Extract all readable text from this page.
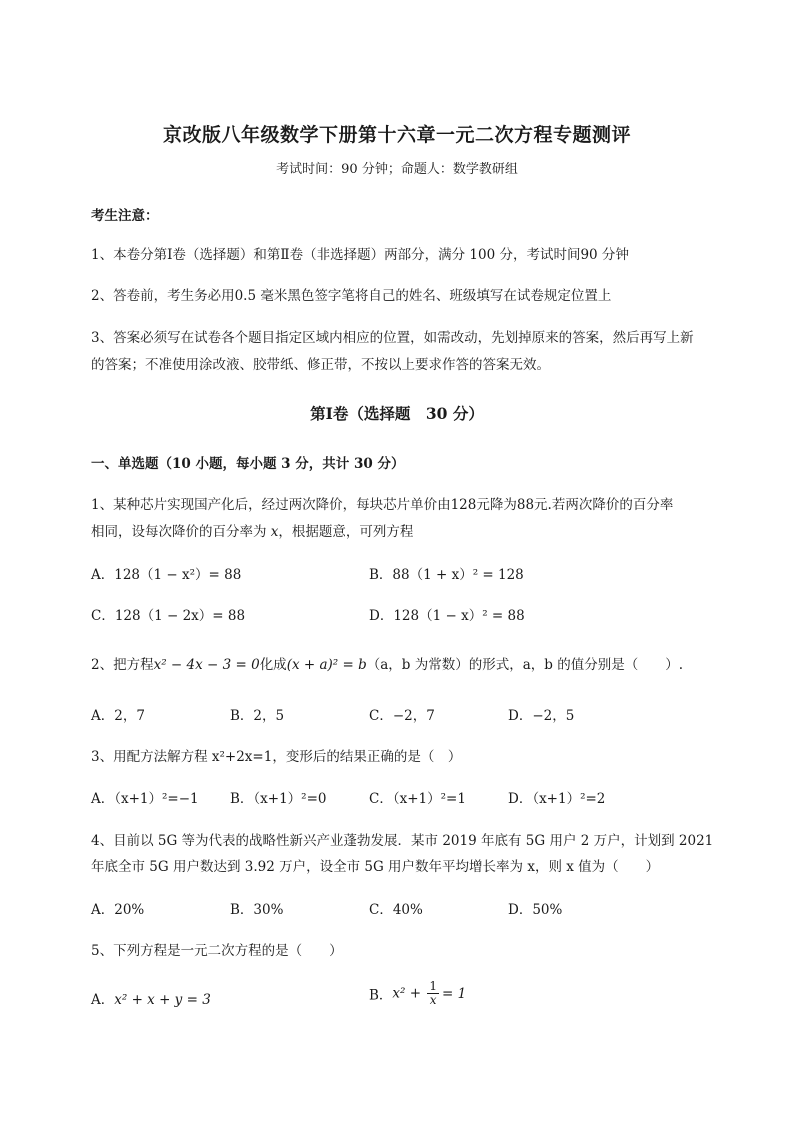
京改版八年级数学下册第十六章一元二次方程专题测评
考试时间：90 分钟；命题人：数学教研组
考生注意：
1、本卷分第Ⅰ卷（选择题）和第Ⅱ卷（非选择题）两部分，满分 100 分，考试时间90 分钟
2、答卷前，考生务必用0.5 毫米黑色签字笔将自己的姓名、班级填写在试卷规定位置上
3、答案必须写在试卷各个题目指定区域内相应的位置，如需改动，先划掉原来的答案，然后再写上新
的答案；不准使用涂改液、胶带纸、修正带，不按以上要求作答的答案无效。
第Ⅰ卷（选择题　30 分）
一、单选题（10 小题，每小题 3 分，共计 30 分）
1、某种芯片实现国产化后，经过两次降价，每块芯片单价由128元降为88元.若两次降价的百分率
相同，设每次降价的百分率为 x，根据题意，可列方程
A．128（1 − x²）= 88	B．88（1 + x）² = 128
C．128（1 − 2x）= 88	D．128（1 − x）² = 88
2、把方程x² − 4x − 3 = 0化成(x + a)² = b（a，b 为常数）的形式，a，b 的值分别是（　　）.
A．2，7	B．2，5	C．−2，7	D．−2，5
3、用配方法解方程 x²+2x=1，变形后的结果正确的是（　）
A．（x+1）²=−1 B．（x+1）²=0	C．（x+1）²=1	D．（x+1）²=2
4、目前以 5G 等为代表的战略性新兴产业蓬勃发展．某市 2019 年底有 5G 用户 2 万户，计划到 2021
年底全市 5G 用户数达到 3.92 万户，设全市 5G 用户数年平均增长率为 x，则 x 值为（　　）
A．20%	B．30%	C．40%	D．50%
5、下列方程是一元二次方程的是（　　）
A．x² + x + y = 3	B．$x^2 + \frac{1}{x} = 1$
